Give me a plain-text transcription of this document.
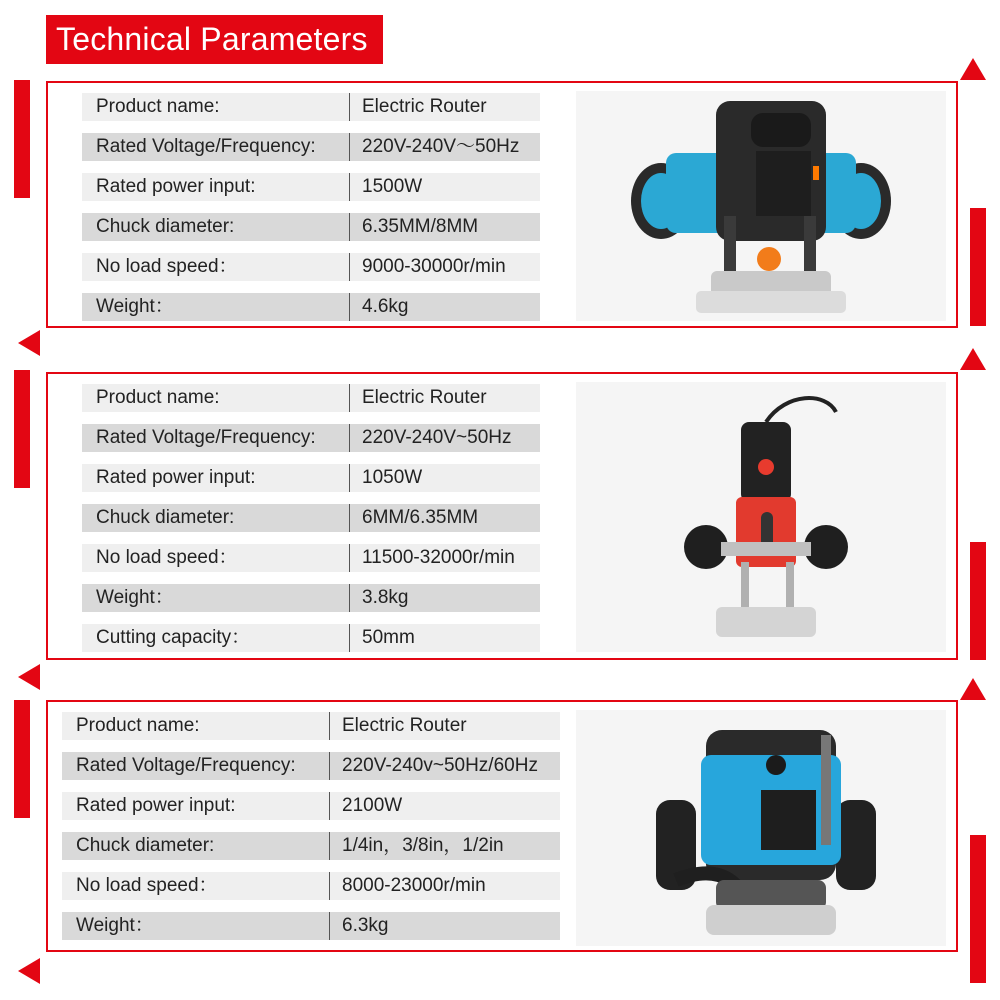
Technical Parameters
Product name:	Electric Router
Rated Voltage/Frequency:	220V-240V～50Hz
Rated power input:	1500W
Chuck diameter:	6.35MM/8MM
No load speed：	9000-30000r/min
Weight：	4.6kg
Product name:	Electric Router
Rated Voltage/Frequency:	220V-240V~50Hz
Rated power input:	1050W
Chuck diameter:	6MM/6.35MM
No load speed：	11500-32000r/min
Weight：	3.8kg
Cutting capacity：	50mm
Product name:	Electric Router
Rated Voltage/Frequency:	220V-240v~50Hz/60Hz
Rated power input:	2100W
Chuck diameter:	1/4in，3/8in，1/2in
No load speed：	8000-23000r/min
Weight：	6.3kg
